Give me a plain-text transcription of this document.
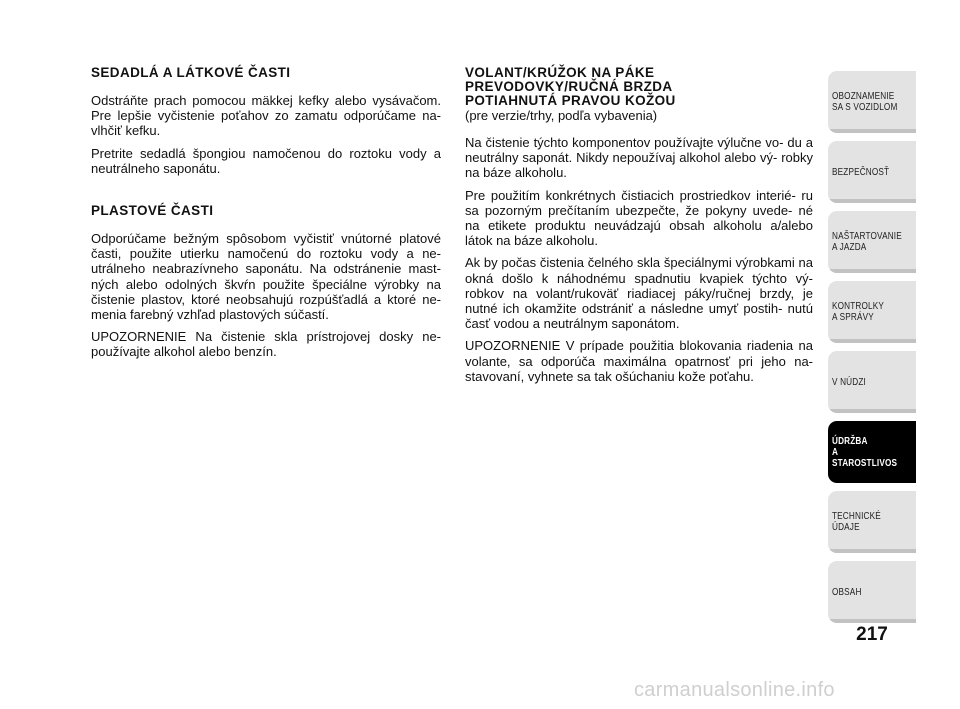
SEDADLÁ A LÁTKOVÉ ČASTI

Odstráňte prach pomocou mäkkej kefky alebo vysávačom. Pre lepšie vyčistenie poťahov zo zamatu odporúčame na- vlhčiť kefku.

Pretrite sedadlá špongiou namočenou do roztoku vody a neutrálneho saponátu.

PLASTOVÉ ČASTI

Odporúčame bežným spôsobom vyčistiť vnútorné platové časti, použite utierku namočenú do roztoku vody a ne- utrálneho neabrazívneho saponátu. Na odstránenie mast- ných alebo odolných škvŕn použite špeciálne výrobky na čistenie plastov, ktoré neobsahujú rozpúšťadlá a ktoré ne- menia farebný vzhľad plastových súčastí.

UPOZORNENIE Na čistenie skla prístrojovej dosky ne- používajte alkohol alebo benzín.

VOLANT/KRÚŽOK NA PÁKE PREVODOVKY/RUČNÁ BRZDA POTIAHNUTÁ PRAVOU KOŽOU
(pre verzie/trhy, podľa vybavenia)

Na čistenie týchto komponentov používajte výlučne vo- du a neutrálny saponát. Nikdy nepoužívaj alkohol alebo vý- robky na báze alkoholu.

Pre použitím konkrétnych čistiacich prostriedkov interié- ru sa pozorným prečítaním ubezpečte, že pokyny uvede- né na etikete produktu neuvádzajú obsah alkoholu a/alebo látok na báze alkoholu.

Ak by počas čistenia čelného skla špeciálnymi výrobkami na okná došlo k náhodnému spadnutiu kvapiek týchto vý- robkov na volant/rukoväť riadiacej páky/ručnej brzdy, je nutné ich okamžite odstrániť a následne umyť postih- nutú časť vodou a neutrálnym saponátom.

UPOZORNENIE V prípade použitia blokovania riadenia na volante, sa odporúča maximálna opatrnosť pri jeho na- stavovaní, vyhnete sa tak ošúchaniu kože poťahu.

OBOZNAMENIE
SA S VOZIDLOM
BEZPEČNOSŤ
NAŠTARTOVANIE
A JAZDA
KONTROLKY
A SPRÁVY
V NÚDZI
ÚDRŽBA
A STAROSTLIVOS
TECHNICKÉ
ÚDAJE
OBSAH
217
carmanualsonline.info
